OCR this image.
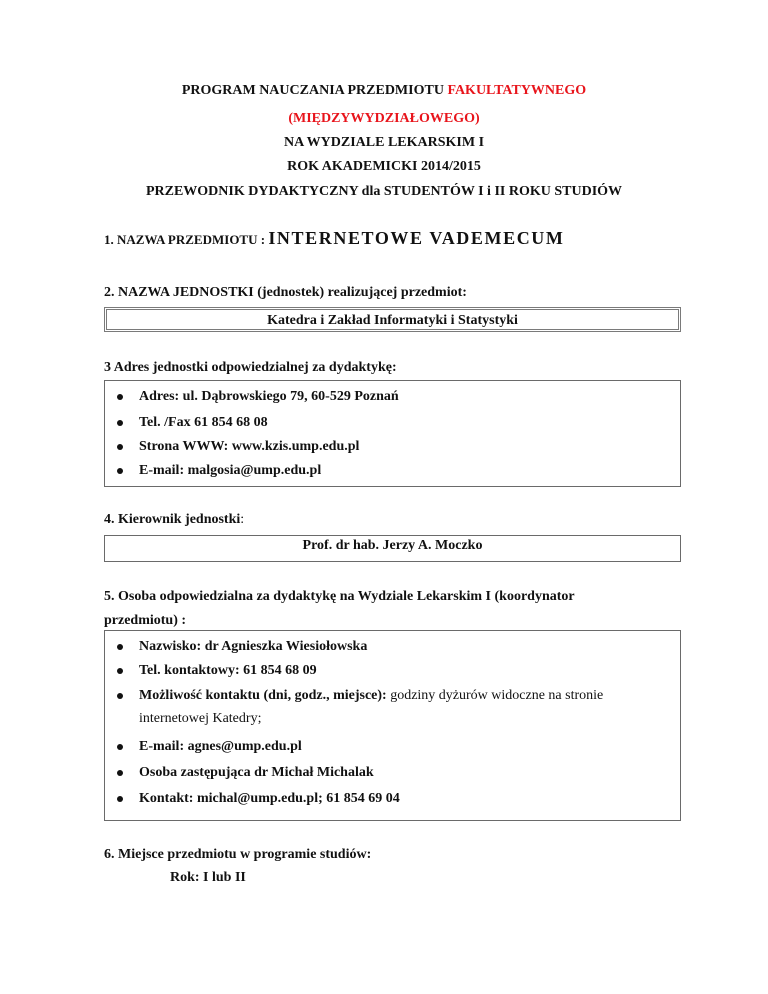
PROGRAM NAUCZANIA PRZEDMIOTU FAKULTATYWNEGO
(MIĘDZYWYDZIAŁOWEGO)
NA WYDZIALE LEKARSKIM I
ROK AKADEMICKI 2014/2015
PRZEWODNIK DYDAKTYCZNY dla STUDENTÓW I i II ROKU STUDIÓW
1. NAZWA PRZEDMIOTU : INTERNETOWE VADEMECUM
2. NAZWA JEDNOSTKI (jednostek) realizującej przedmiot:
Katedra i Zakład Informatyki i Statystyki
3 Adres jednostki odpowiedzialnej za dydaktykę:
Adres: ul. Dąbrowskiego 79, 60-529 Poznań
Tel. /Fax 61 854 68 08
Strona WWW: www.kzis.ump.edu.pl
E-mail: malgosia@ump.edu.pl
4. Kierownik jednostki:
Prof. dr hab. Jerzy A. Moczko
5. Osoba odpowiedzialna za dydaktykę na Wydziale Lekarskim I (koordynator
przedmiotu) :
Nazwisko: dr Agnieszka Wiesiołowska
Tel. kontaktowy: 61 854 68 09
Możliwość kontaktu (dni, godz., miejsce): godziny dyżurów widoczne na stronie
internetowej Katedry;
E-mail: agnes@ump.edu.pl
Osoba zastępująca dr Michał Michalak
Kontakt: michal@ump.edu.pl; 61 854 69 04
6. Miejsce przedmiotu w programie studiów:
Rok: I lub II
